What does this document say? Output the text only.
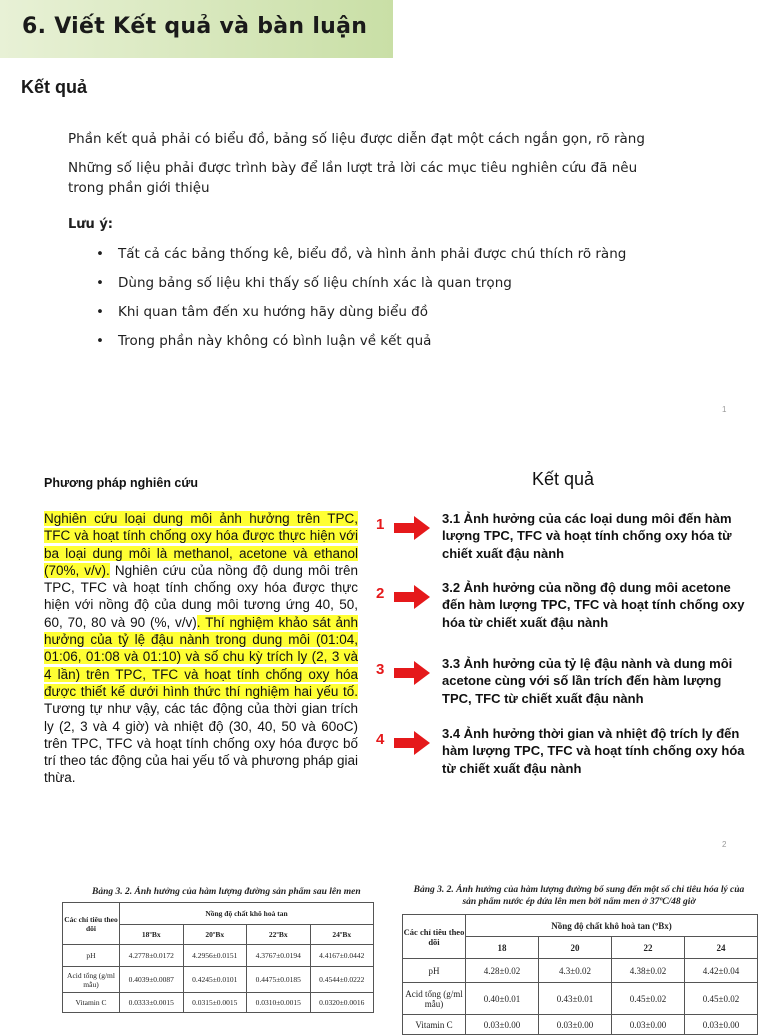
6. Viết Kết quả và bàn luận
Kết quả
Phần kết quả phải có biểu đồ, bảng số liệu được diễn đạt một cách ngắn gọn, rõ ràng
Những số liệu phải được trình bày để lần lượt trả lời các mục tiêu nghiên cứu đã nêu
trong phần giới thiệu
Lưu ý:
• Tất cả các bảng thống kê, biểu đồ, và hình ảnh phải được chú thích rõ ràng
• Dùng bảng số liệu khi thấy số liệu chính xác là quan trọng
• Khi quan tâm đến xu hướng hãy dùng biểu đồ
• Trong phần này không có bình luận về kết quả
1
Phương pháp nghiên cứu
Nghiên cứu loại dung môi ảnh hưởng trên TPC, TFC và hoạt tính chống oxy hóa được thực hiện với ba loại dung môi là methanol, acetone và ethanol (70%, v/v). Nghiên cứu của nồng độ dung môi trên TPC, TFC và hoạt tính chống oxy hóa được thực hiện với nồng độ của dung môi tương ứng 40, 50, 60, 70, 80 và 90 (%, v/v). Thí nghiệm khảo sát ảnh hưởng của tỷ lệ đậu nành trong dung môi (01:04, 01:06, 01:08 và 01:10) và số chu kỳ trích ly (2, 3 và 4 lần) trên TPC, TFC và hoạt tính chống oxy hóa được thiết kế dưới hình thức thí nghiệm hai yếu tố. Tương tự như vậy, các tác động của thời gian trích ly (2, 3 và 4 giờ) và nhiệt độ (30, 40, 50 và 60oC) trên TPC, TFC và hoạt tính chống oxy hóa được bố trí theo tác động của hai yếu tố và phương pháp giai thừa.
Kết quả
1	3.1 Ảnh hưởng của các loại dung môi đến hàm lượng TPC, TFC và hoạt tính chống oxy hóa từ chiết xuất đậu nành
2	3.2 Ảnh hưởng của nồng độ dung môi acetone đến hàm lượng TPC, TFC và hoạt tính chống oxy hóa từ chiết xuất đậu nành
3	3.3 Ảnh hưởng của tỷ lệ đậu nành và dung môi acetone cùng với số lần trích đến hàm lượng TPC, TFC từ chiết xuất đậu nành
4	3.4 Ảnh hưởng thời gian và nhiệt độ trích ly đến hàm lượng TPC, TFC và hoạt tính chống oxy hóa từ chiết xuất đậu nành
2
Bảng 3. 2. Ảnh hưởng của hàm lượng đường sản phẩm sau lên men
Các chỉ tiêu theo dõi	Nồng độ chất khô hoà tan			
	18ºBx	20ºBx	22ºBx	24ºBx
pH	4.2778±0.0172	4.2956±0.0151	4.3767±0.0194	4.4167±0.0442
Acid tổng (g/ml mẫu)	0.4039±0.0087	0.4245±0.0101	0.4475±0.0185	0.4544±0.0222
Vitamin C	0.0333±0.0015	0.0315±0.0015	0.0310±0.0015	0.0320±0.0016
Bảng 3. 2. Ảnh hưởng của hàm lượng đường bổ sung đến một số chỉ tiêu hóa lý của
sản phẩm nước ép dứa lên men bởi nấm men ở 37ºC/48 giờ
Các chỉ tiêu theo dõi	Nồng độ chất khô hoà tan (ºBx)			
	18	20	22	24
pH	4.28±0.02	4.3±0.02	4.38±0.02	4.42±0.04
Acid tổng (g/ml mẫu)	0.40±0.01	0.43±0.01	0.45±0.02	0.45±0.02
Vitamin C	0.03±0.00	0.03±0.00	0.03±0.00	0.03±0.00
